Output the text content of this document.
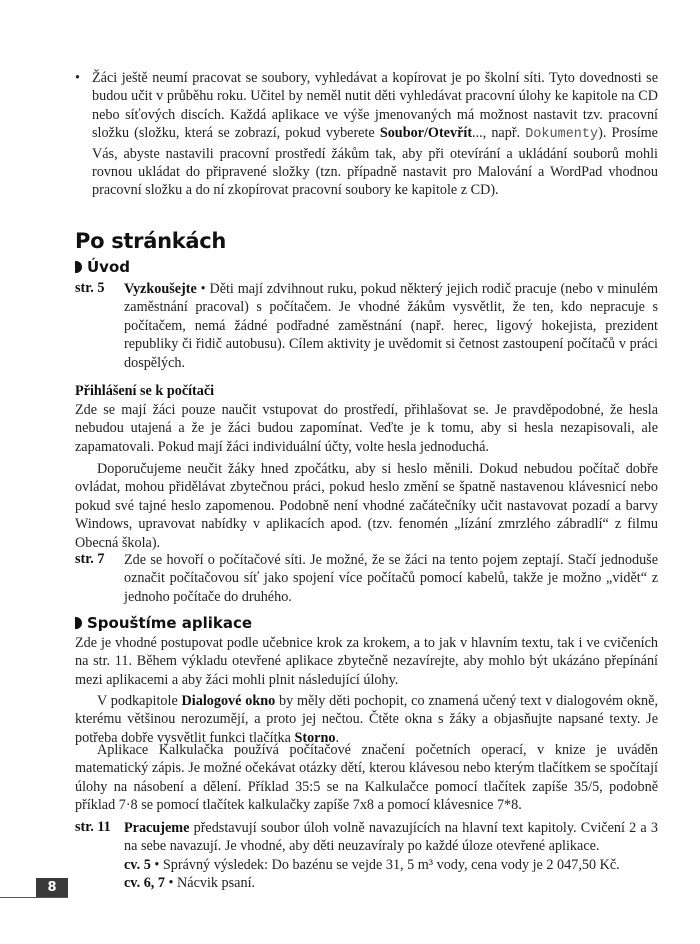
• Žáci ještě neumí pracovat se soubory, vyhledávat a kopírovat je po školní síti. Tyto dovednosti se budou učit v průběhu roku. Učitel by neměl nutit děti vyhledávat pracovní úlohy ke kapitole na CD nebo síťových discích. Každá aplikace ve výše jmenovaných má možnost nastavit tzv. pracovní složku (složku, která se zobrazí, pokud vyberete Soubor/Otevřít..., např. Dokumenty). Prosíme Vás, abyste nastavili pracovní prostředí žákům tak, aby při otevírání a ukládání souborů mohli rovnou ukládat do připravené složky (tzn. případně nastavit pro Malování a WordPad vhodnou pracovní složku a do ní zkopírovat pracovní soubory ke kapitole z CD).
Po stránkách
Úvod
str. 5 Vyzkoušejte • Děti mají zdvihnout ruku, pokud některý jejich rodič pracuje (nebo v minulém zaměstnání pracoval) s počítačem. Je vhodné žákům vysvětlit, že ten, kdo nepracuje s počítačem, nemá žádné podřadné zaměstnání (např. herec, ligový hokejista, prezident republiky či řidič autobusu). Cílem aktivity je uvědomit si četnost zastoupení počítačů v práci dospělých.
Přihlášení se k počítači
Zde se mají žáci pouze naučit vstupovat do prostředí, přihlašovat se. Je pravděpodobné, že hesla nebudou utajená a že je žáci budou zapomínat. Veďte je k tomu, aby si hesla nezapisovali, ale zapamatovali. Pokud mají žáci individuální účty, volte hesla jednoduchá.
Doporučujeme neučit žáky hned zpočátku, aby si heslo měnili. Dokud nebudou počítač dobře ovládat, mohou přidělávat zbytečnou práci, pokud heslo změní se špatně nastavenou klávesnicí nebo pokud své tajné heslo zapomenou. Podobně není vhodné začátečníky učit nastavovat pozadí a barvy Windows, upravovat nabídky v aplikacích apod. (tzv. fenomén „lízání zmrzlého zábradlí“ z filmu Obecná škola).
str. 7 Zde se hovoří o počítačové síti. Je možné, že se žáci na tento pojem zeptají. Stačí jednoduše označit počítačovou síť jako spojení více počítačů pomocí kabelů, takže je možno „vidět“ z jednoho počítače do druhého.
Spouštíme aplikace
Zde je vhodné postupovat podle učebnice krok za krokem, a to jak v hlavním textu, tak i ve cvičeních na str. 11. Během výkladu otevřené aplikace zbytečně nezavírejte, aby mohlo být ukázáno přepínání mezi aplikacemi a aby žáci mohli plnit následující úlohy.
V podkapitole Dialogové okno by měly děti pochopit, co znamená učený text v dialogovém okně, kterému většinou nerozumějí, a proto jej nečtou. Čtěte okna s žáky a objasňujte napsané texty. Je potřeba dobře vysvětlit funkci tlačítka Storno.
Aplikace Kalkulačka používá počítačové značení početních operací, v knize je uváděn matematický zápis. Je možné očekávat otázky dětí, kterou klávesou nebo kterým tlačítkem se spočítají úlohy na násobení a dělení. Příklad 35:5 se na Kalkulačce pomocí tlačítek zapíše 35/5, podobně příklad 7·8 se pomocí tlačítek kalkulačky zapíše 7x8 a pomocí klávesnice 7*8.
str. 11 Pracujeme představují soubor úloh volně navazujících na hlavní text kapitoly. Cvičení 2 a 3 na sebe navazují. Je vhodné, aby děti neuzavíraly po každé úloze otevřené aplikace.
cv. 5 • Správný výsledek: Do bazénu se vejde 31, 5 m³ vody, cena vody je 2 047,50 Kč.
cv. 6, 7 • Nácvik psaní.
8
